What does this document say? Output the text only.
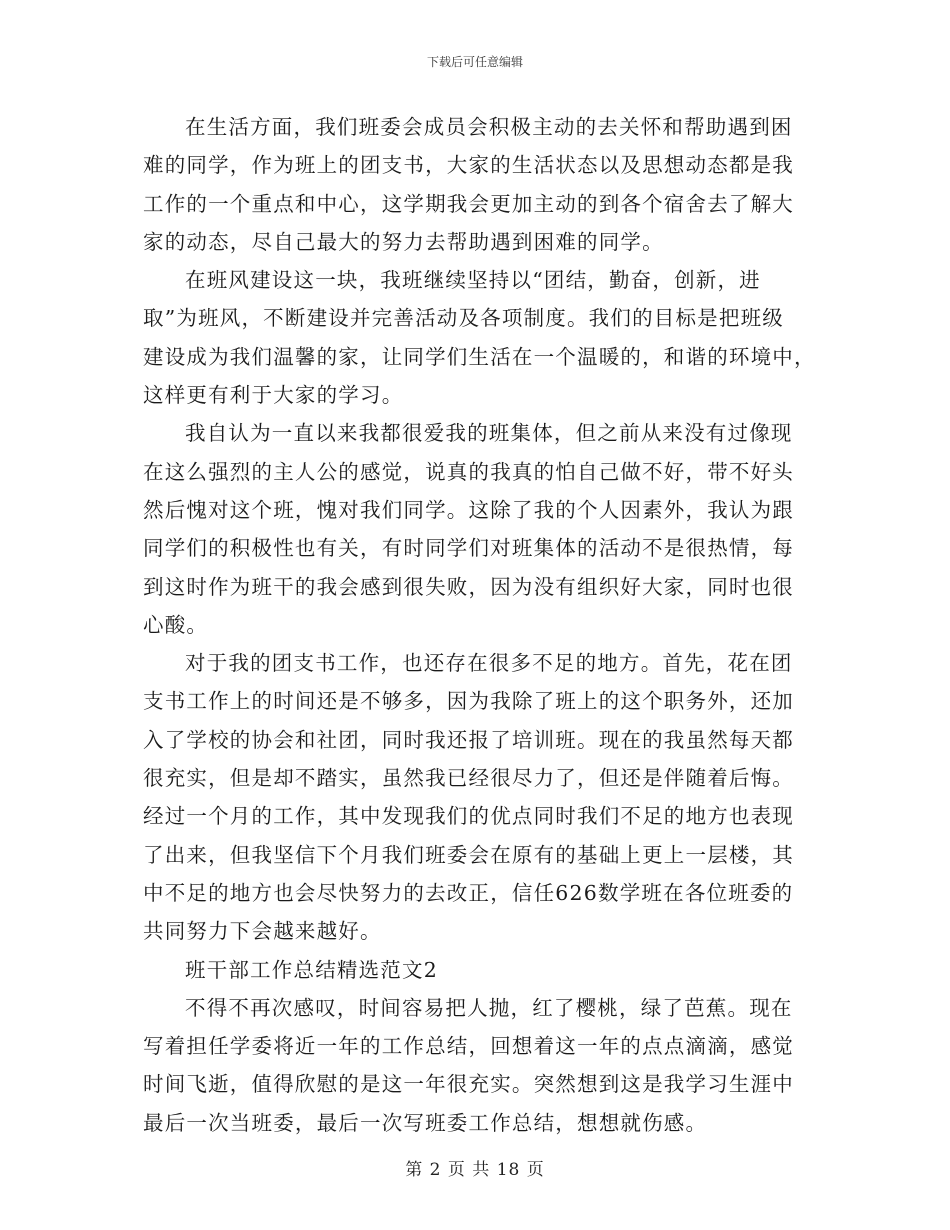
下载后可任意编辑
在生活方面，我们班委会成员会积极主动的去关怀和帮助遇到困
难的同学，作为班上的团支书，大家的生活状态以及思想动态都是我
工作的一个重点和中心，这学期我会更加主动的到各个宿舍去了解大
家的动态，尽自己最大的努力去帮助遇到困难的同学。
在班风建设这一块，我班继续坚持以“团结，勤奋，创新，进
取”为班风，不断建设并完善活动及各项制度。我们的目标是把班级
建设成为我们温馨的家，让同学们生活在一个温暖的，和谐的环境中，
这样更有利于大家的学习。
我自认为一直以来我都很爱我的班集体，但之前从来没有过像现
在这么强烈的主人公的感觉，说真的我真的怕自己做不好，带不好头
然后愧对这个班，愧对我们同学。这除了我的个人因素外，我认为跟
同学们的积极性也有关，有时同学们对班集体的活动不是很热情，每
到这时作为班干的我会感到很失败，因为没有组织好大家，同时也很
心酸。
对于我的团支书工作，也还存在很多不足的地方。首先，花在团
支书工作上的时间还是不够多，因为我除了班上的这个职务外，还加
入了学校的协会和社团，同时我还报了培训班。现在的我虽然每天都
很充实，但是却不踏实，虽然我已经很尽力了，但还是伴随着后悔。
经过一个月的工作，其中发现我们的优点同时我们不足的地方也表现
了出来，但我坚信下个月我们班委会在原有的基础上更上一层楼，其
中不足的地方也会尽快努力的去改正，信任626数学班在各位班委的
共同努力下会越来越好。
班干部工作总结精选范文2
不得不再次感叹，时间容易把人抛，红了樱桃，绿了芭蕉。现在
写着担任学委将近一年的工作总结，回想着这一年的点点滴滴，感觉
时间飞逝，值得欣慰的是这一年很充实。突然想到这是我学习生涯中
最后一次当班委，最后一次写班委工作总结，想想就伤感。
第 2 页 共 18 页
